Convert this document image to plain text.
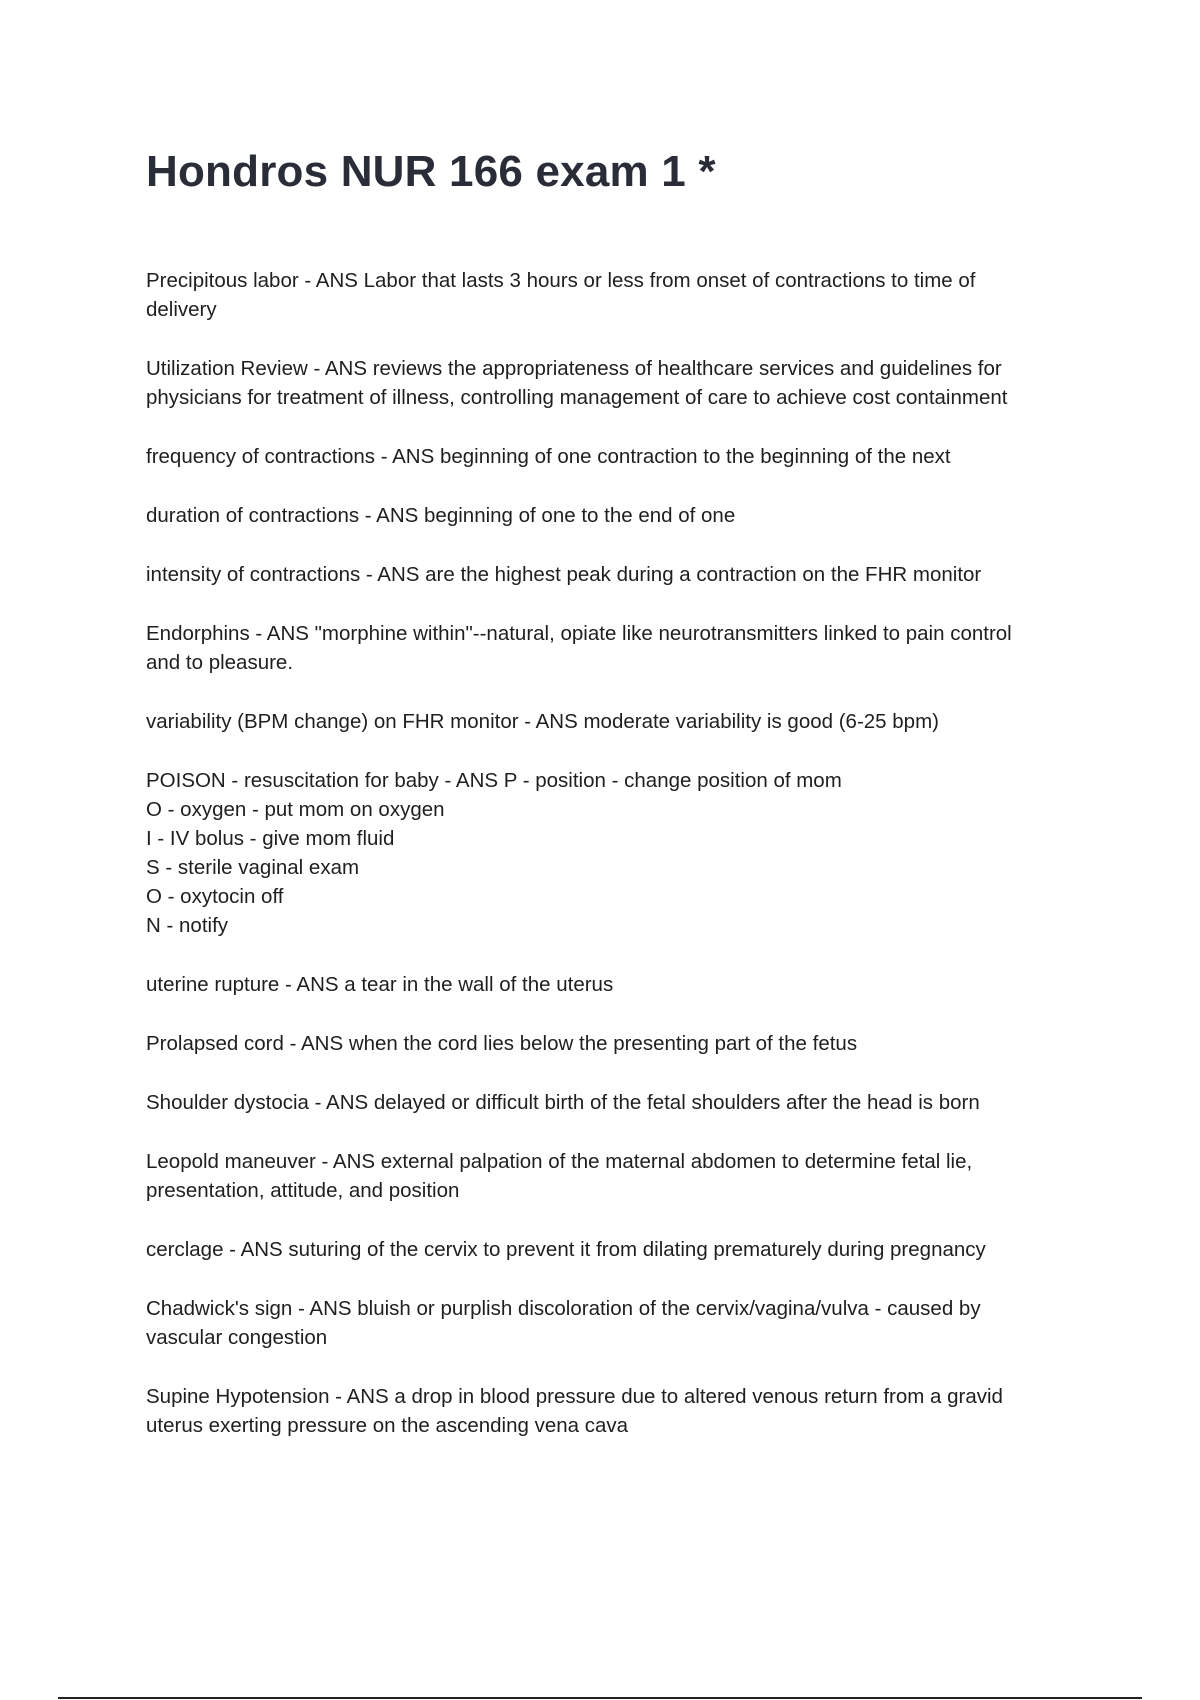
Hondros NUR 166 exam 1 *

Precipitous labor - ANS Labor that lasts 3 hours or less from onset of contractions to time of
delivery

Utilization Review - ANS reviews the appropriateness of healthcare services and guidelines for
physicians for treatment of illness, controlling management of care to achieve cost containment

frequency of contractions - ANS beginning of one contraction to the beginning of the next

duration of contractions - ANS beginning of one to the end of one

intensity of contractions - ANS are the highest peak during a contraction on the FHR monitor

Endorphins - ANS "morphine within"--natural, opiate like neurotransmitters linked to pain control
and to pleasure.

variability (BPM change) on FHR monitor - ANS moderate variability is good (6-25 bpm)

POISON - resuscitation for baby - ANS P - position - change position of mom
O - oxygen - put mom on oxygen
I - IV bolus - give mom fluid
S - sterile vaginal exam
O - oxytocin off
N - notify

uterine rupture - ANS a tear in the wall of the uterus

Prolapsed cord - ANS when the cord lies below the presenting part of the fetus

Shoulder dystocia - ANS delayed or difficult birth of the fetal shoulders after the head is born

Leopold maneuver - ANS external palpation of the maternal abdomen to determine fetal lie,
presentation, attitude, and position

cerclage - ANS suturing of the cervix to prevent it from dilating prematurely during pregnancy

Chadwick's sign - ANS bluish or purplish discoloration of the cervix/vagina/vulva - caused by
vascular congestion

Supine Hypotension - ANS a drop in blood pressure due to altered venous return from a gravid
uterus exerting pressure on the ascending vena cava
